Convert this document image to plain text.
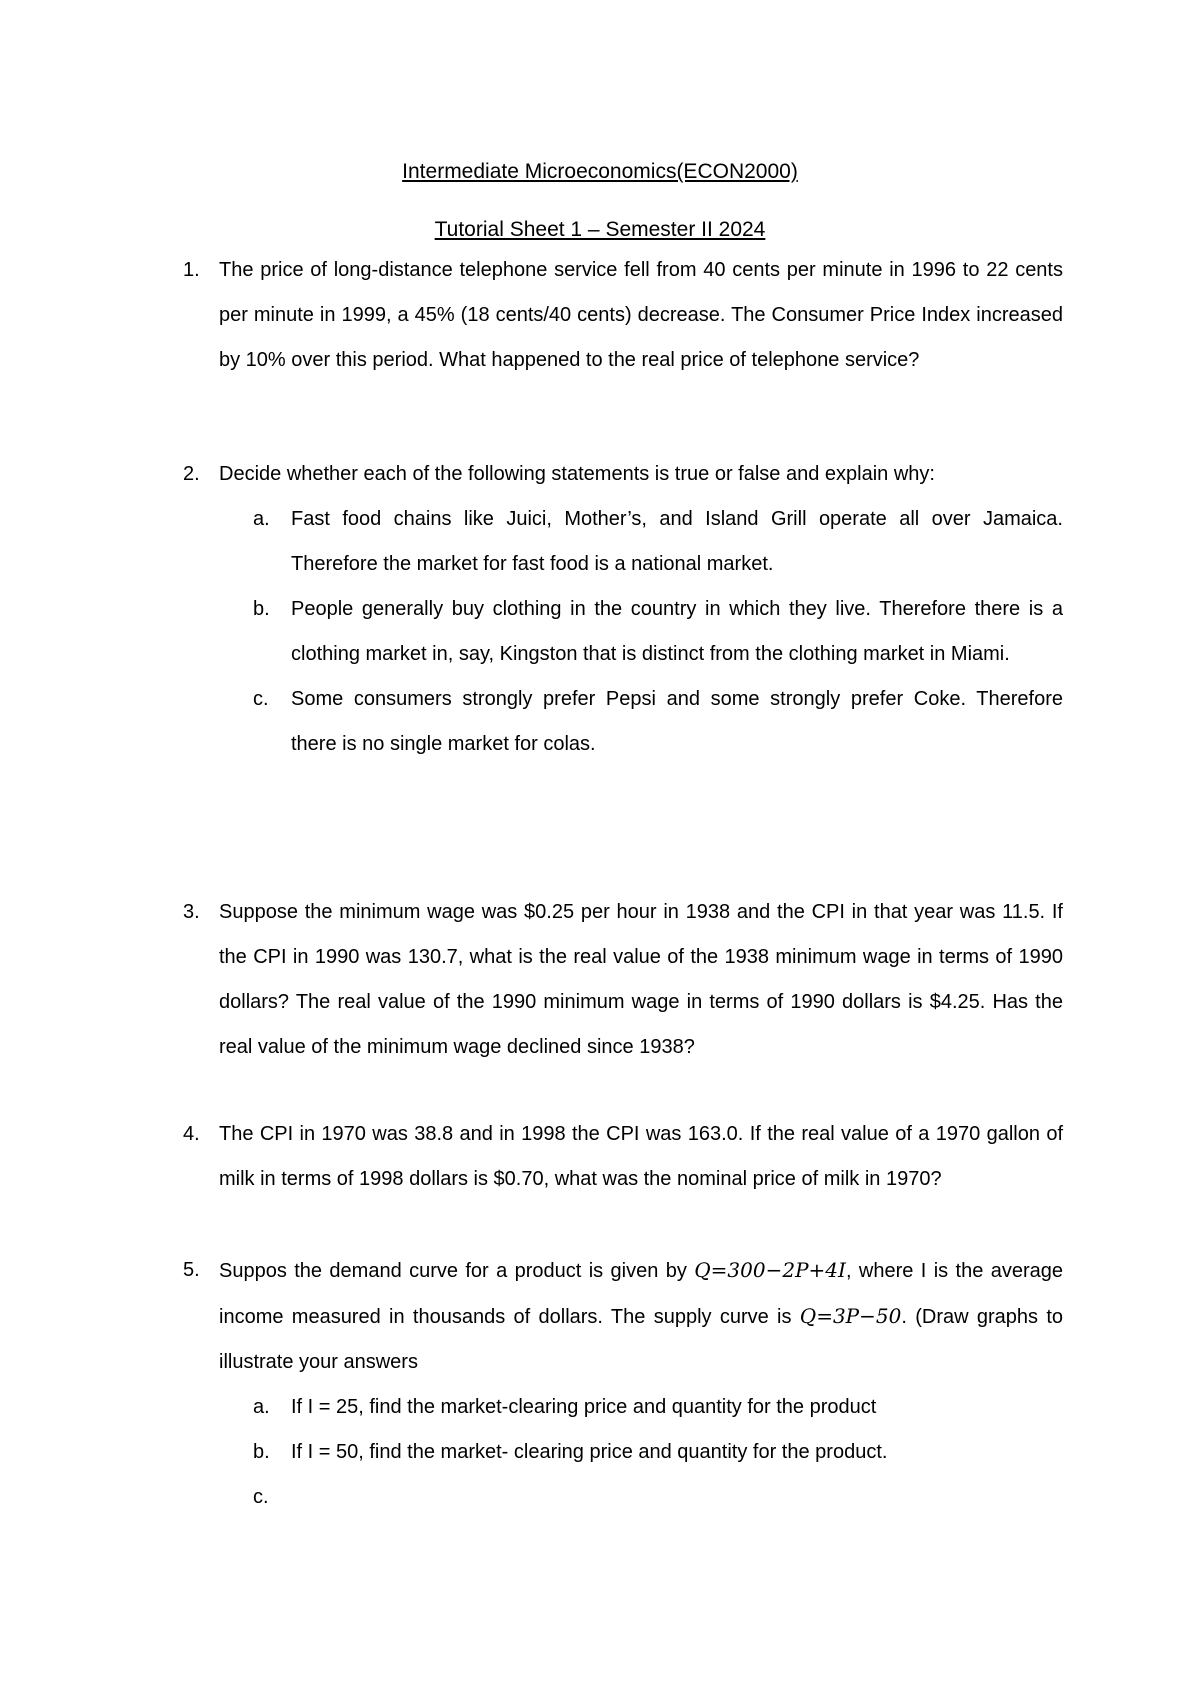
Intermediate Microeconomics(ECON2000)
Tutorial Sheet 1 – Semester II 2024
1. The price of long-distance telephone service fell from 40 cents per minute in 1996 to 22 cents per minute in 1999, a 45% (18 cents/40 cents) decrease. The Consumer Price Index increased by 10% over this period. What happened to the real price of telephone service?
2. Decide whether each of the following statements is true or false and explain why:
a. Fast food chains like Juici, Mother’s, and Island Grill operate all over Jamaica. Therefore the market for fast food is a national market.
b. People generally buy clothing in the country in which they live. Therefore there is a clothing market in, say, Kingston that is distinct from the clothing market in Miami.
c. Some consumers strongly prefer Pepsi and some strongly prefer Coke. Therefore there is no single market for colas.
3. Suppose the minimum wage was $0.25 per hour in 1938 and the CPI in that year was 11.5. If the CPI in 1990 was 130.7, what is the real value of the 1938 minimum wage in terms of 1990 dollars? The real value of the 1990 minimum wage in terms of 1990 dollars is $4.25. Has the real value of the minimum wage declined since 1938?
4. The CPI in 1970 was 38.8 and in 1998 the CPI was 163.0. If the real value of a 1970 gallon of milk in terms of 1998 dollars is $0.70, what was the nominal price of milk in 1970?
5. Suppos the demand curve for a product is given by Q=300−2P+4I, where I is the average income measured in thousands of dollars. The supply curve is Q=3P−50. (Draw graphs to illustrate your answers
a. If I = 25, find the market-clearing price and quantity for the product
b. If I = 50, find the market- clearing price and quantity for the product.
c.
